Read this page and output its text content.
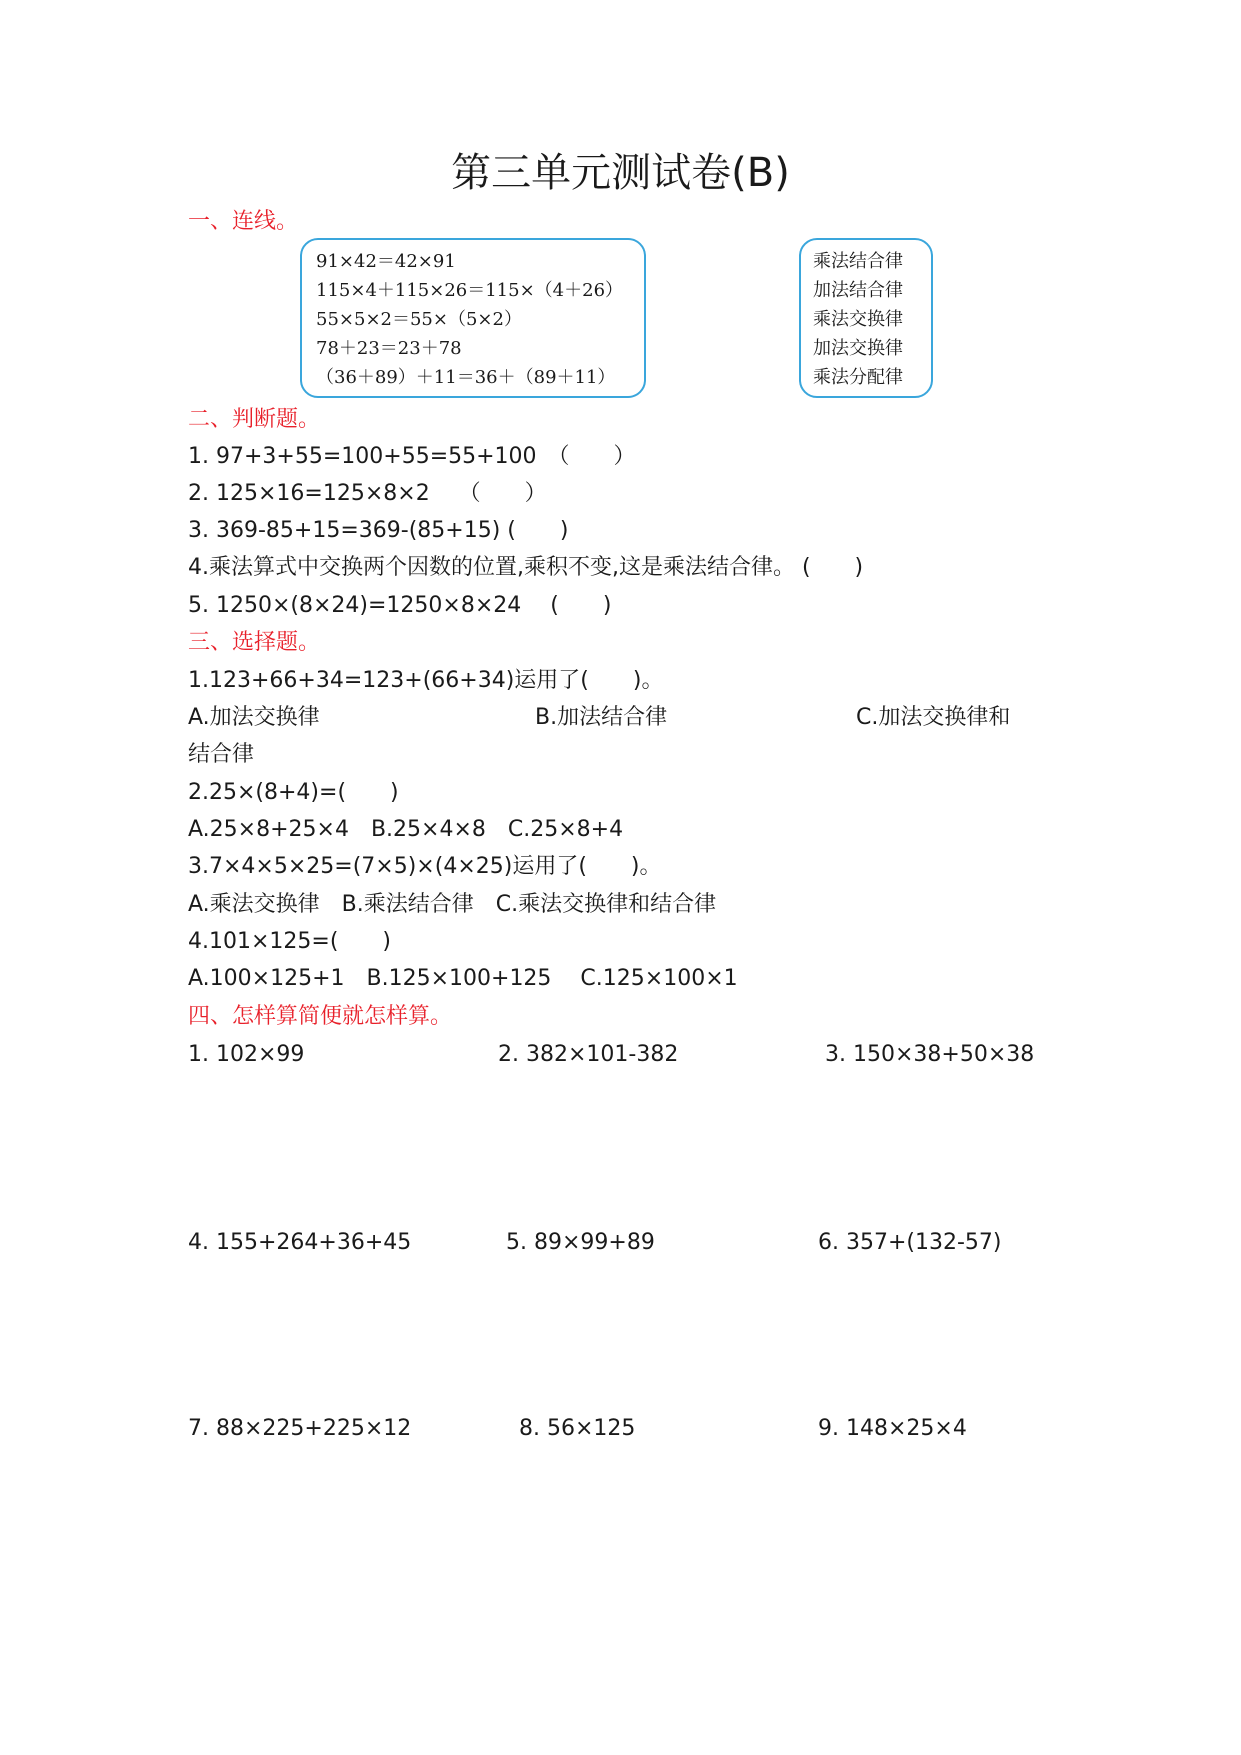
第三单元测试卷(B)
一、连线。
91×42＝42×91
115×4＋115×26＝115×（4＋26）
55×5×2＝55×（5×2）
78＋23＝23＋78
（36＋89）＋11＝36＋（89＋11）
乘法结合律
加法结合律
乘法交换律
加法交换律
乘法分配律
二、判断题。
1. 97+3+55=100+55=55+100　（　　）
2. 125×16=125×8×2　 （　　）
3. 369-85+15=369-(85+15) (　　)
4.乘法算式中交换两个因数的位置,乘积不变,这是乘法结合律。 (　　)
5. 1250×(8×24)=1250×8×24　 (　　)
三、选择题。
1.123+66+34=123+(66+34)运用了(　　)。
A.加法交换律	B.加法结合律	C.加法交换律和
结合律
2.25×(8+4)=(　　)
A.25×8+25×4　B.25×4×8　C.25×8+4
3.7×4×5×25=(7×5)×(4×25)运用了(　　)。
A.乘法交换律　B.乘法结合律　C.乘法交换律和结合律
4.101×125=(　　)
A.100×125+1　B.125×100+125　 C.125×100×1
四、怎样算简便就怎样算。
1. 102×99	2. 382×101-382	3. 150×38+50×38
4. 155+264+36+45	5. 89×99+89	6. 357+(132-57)
7. 88×225+225×12	8. 56×125	9. 148×25×4
